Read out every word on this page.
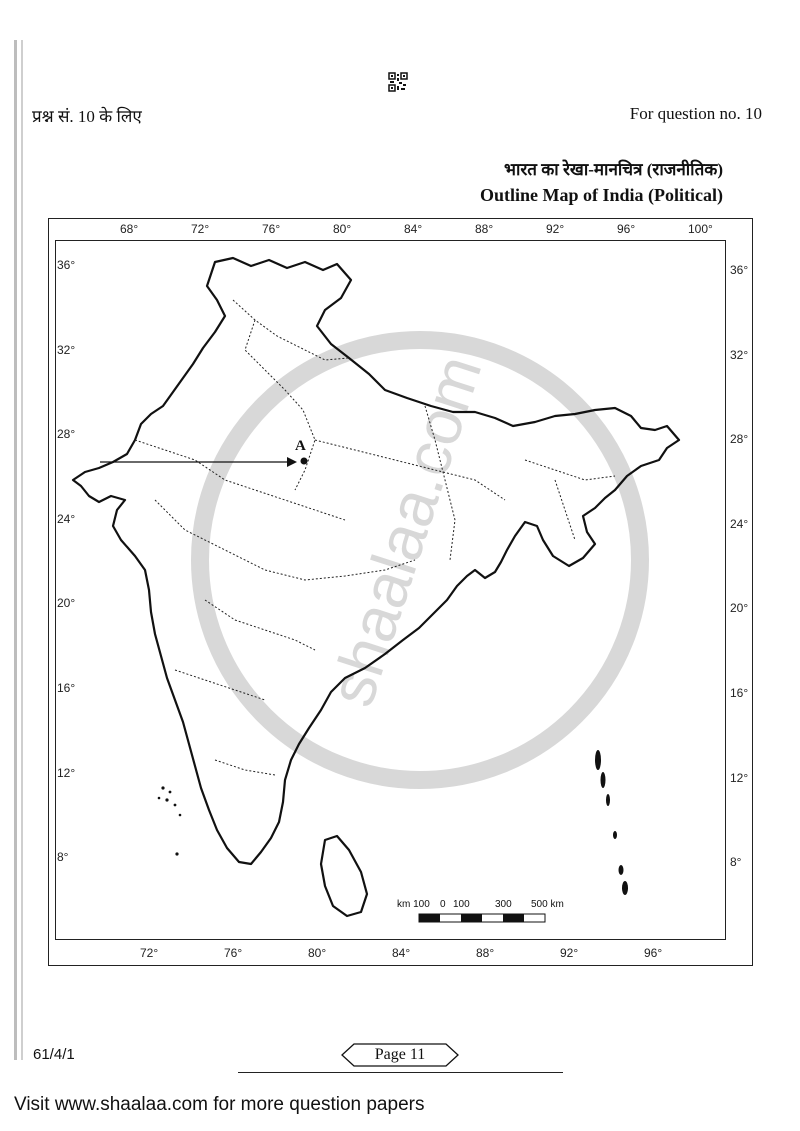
प्रश्न सं. 10 के लिए	For question no. 10
भारत का रेखा-मानचित्र (राजनीतिक)
Outline Map of India (Political)
68°	72°	76°	80°	84°	88°	92°	96°	100°
72°	76°	80°	84°	88°	92°	96°
36°
32°
28°
24°
20°
16°
12°
8°
36°
32°
28°
24°
20°
16°
12°
8°
shaalaa.com
A
km 100 0 100	300 500 km
61/4/1	Page 11
Visit www.shaalaa.com for more question papers
